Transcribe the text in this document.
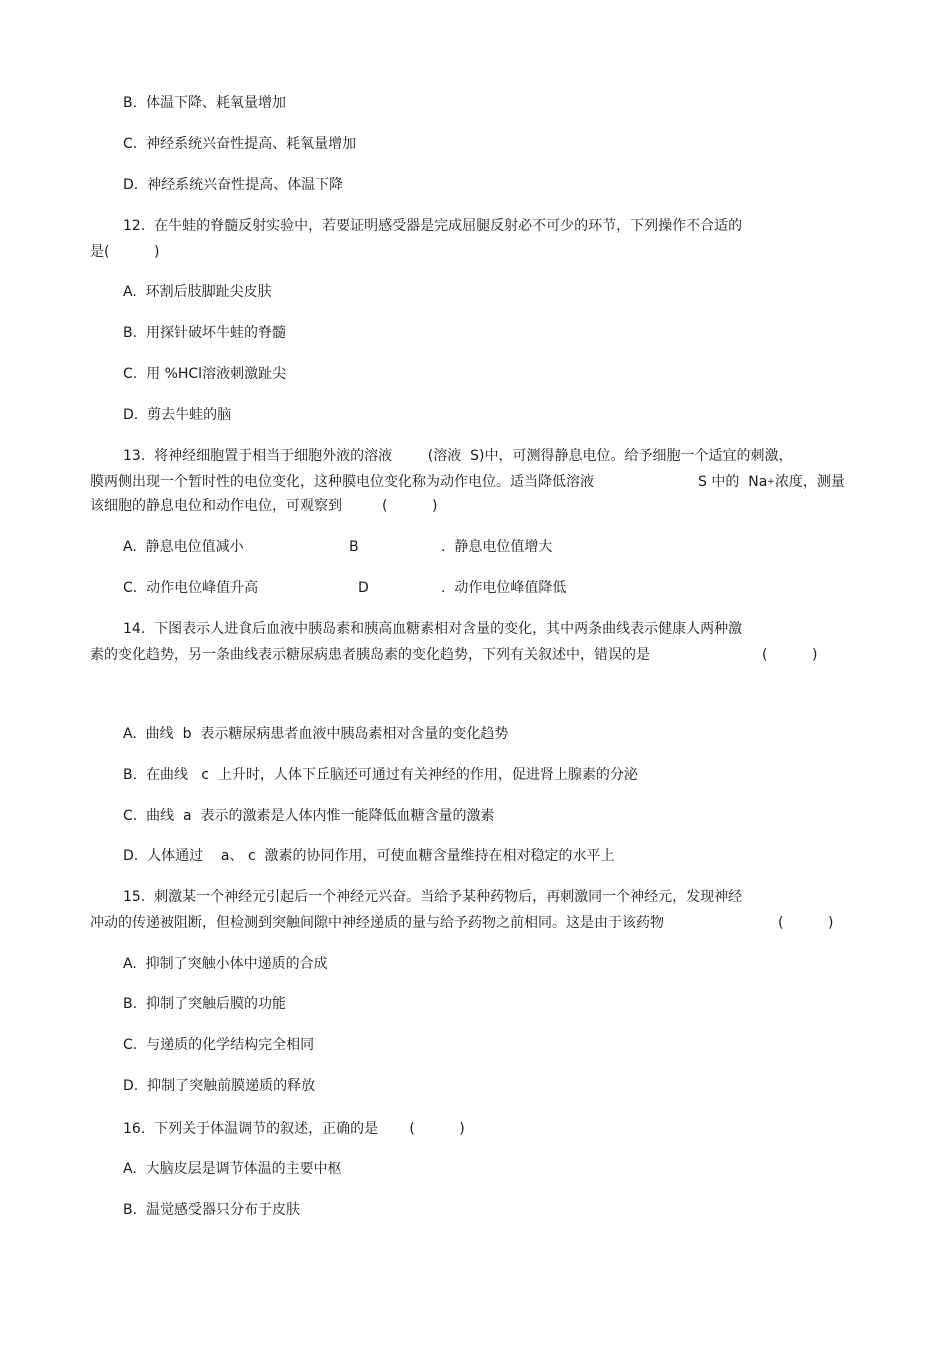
B.  体温下降、耗氧量增加
C.  神经系统兴奋性提高、耗氧量增加
D.  神经系统兴奋性提高、体温下降
12.  在牛蛙的脊髓反射实验中，若要证明感受器是完成屈腿反射必不可少的环节，下列操作不合适的
是(          )
A.  环割后肢脚趾尖皮肤
B.  用探针破坏牛蛙的脊髓
C.  用 %HCl溶液刺激趾尖
D.  剪去牛蛙的脑
13.  将神经细胞置于相当于细胞外液的溶液        (溶液  S)中，可测得静息电位。给予细胞一个适宜的刺激，
膜两侧出现一个暂时性的电位变化，这种膜电位变化称为动作电位。适当降低溶液	S 中的  Na+浓度，测量
该细胞的静息电位和动作电位，可观察到         (          )
A.  静息电位值减小	B	.  静息电位值增大
C.  动作电位峰值升高	D	.  动作电位峰值降低
14.  下图表示人进食后血液中胰岛素和胰高血糖素相对含量的变化，其中两条曲线表示健康人两种激
素的变化趋势，另一条曲线表示糖尿病患者胰岛素的变化趋势，下列有关叙述中，错误的是	(          )
A.  曲线  b  表示糖尿病患者血液中胰岛素相对含量的变化趋势
B.  在曲线   c  上升时，人体下丘脑还可通过有关神经的作用，促进肾上腺素的分泌
C.  曲线  a  表示的激素是人体内惟一能降低血糖含量的激素
D.  人体通过    a、 c  激素的协同作用，可使血糖含量维持在相对稳定的水平上
15.  刺激某一个神经元引起后一个神经元兴奋。当给予某种药物后，再刺激同一个神经元，发现神经
冲动的传递被阻断，但检测到突触间隙中神经递质的量与给予药物之前相同。这是由于该药物	(          )
A.  抑制了突触小体中递质的合成
B.  抑制了突触后膜的功能
C.  与递质的化学结构完全相同
D.  抑制了突触前膜递质的释放
16.  下列关于体温调节的叙述，正确的是       (          )
A.  大脑皮层是调节体温的主要中枢
B.  温觉感受器只分布于皮肤
